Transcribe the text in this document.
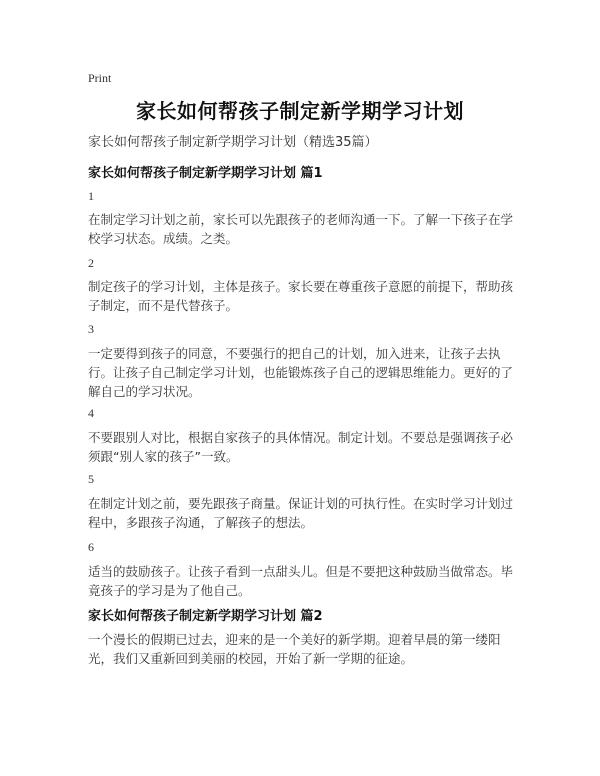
Print
家长如何帮孩子制定新学期学习计划
家长如何帮孩子制定新学期学习计划（精选35篇）
家长如何帮孩子制定新学期学习计划 篇1
1
在制定学习计划之前，家长可以先跟孩子的老师沟通一下。了解一下孩子在学校学习状态。成绩。之类。
2
制定孩子的学习计划，主体是孩子。家长要在尊重孩子意愿的前提下，帮助孩子制定，而不是代替孩子。
3
一定要得到孩子的同意，不要强行的把自己的计划，加入进来，让孩子去执行。让孩子自己制定学习计划，也能锻炼孩子自己的逻辑思维能力。更好的了解自己的学习状况。
4
不要跟别人对比，根据自家孩子的具体情况。制定计划。不要总是强调孩子必须跟“别人家的孩子”一致。
5
在制定计划之前，要先跟孩子商量。保证计划的可执行性。在实时学习计划过程中，多跟孩子沟通，了解孩子的想法。
6
适当的鼓励孩子。让孩子看到一点甜头儿。但是不要把这种鼓励当做常态。毕竟孩子的学习是为了他自己。
家长如何帮孩子制定新学期学习计划 篇2
一个漫长的假期已过去，迎来的是一个美好的新学期。迎着早晨的第一缕阳光，我们又重新回到美丽的校园，开始了新一学期的征途。
